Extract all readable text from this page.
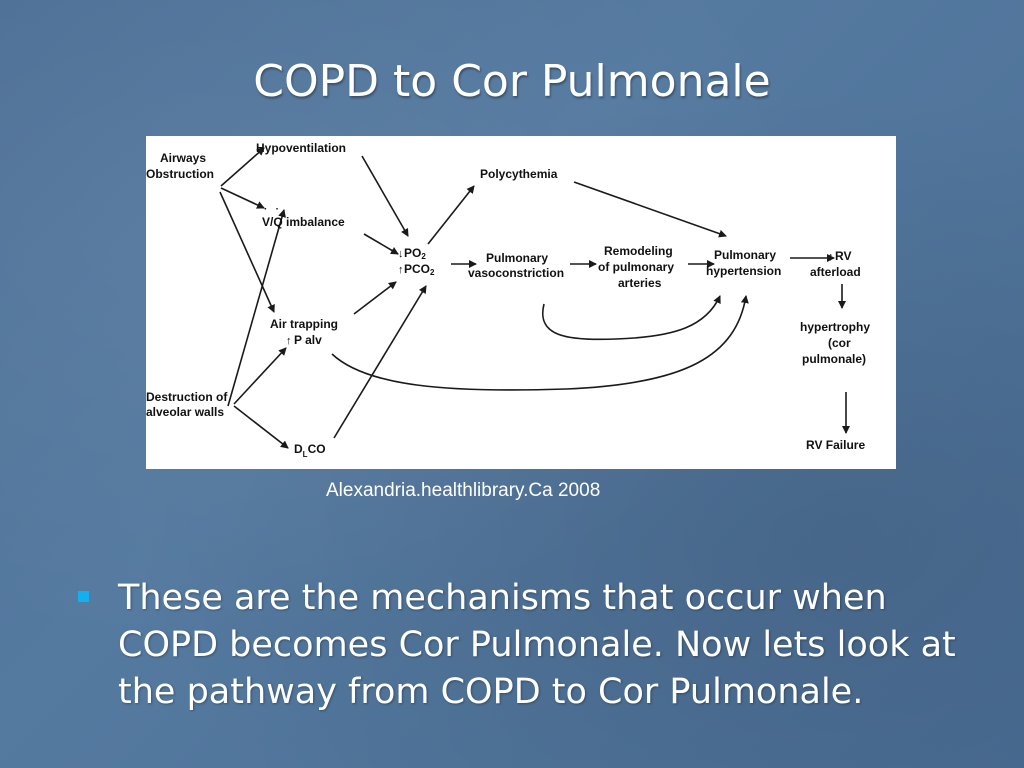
COPD to Cor Pulmonale
Airways Obstruction
Hypoventilation
V/Q imbalance
·   ·
Polycythemia
↓ PO2
↑ PCO2
Pulmonary vasoconstriction
Remodeling of pulmonary arteries
Pulmonary hypertension
↑ RV afterload
Air trapping P alv
↑
hypertrophy (cor pulmonale)
Destruction of alveolar walls
$D_LCO$	RV Failure
Alexandria.healthlibrary.Ca 2008
These are the mechanisms that occur when COPD becomes Cor Pulmonale. Now lets look at the pathway from COPD to Cor Pulmonale.
